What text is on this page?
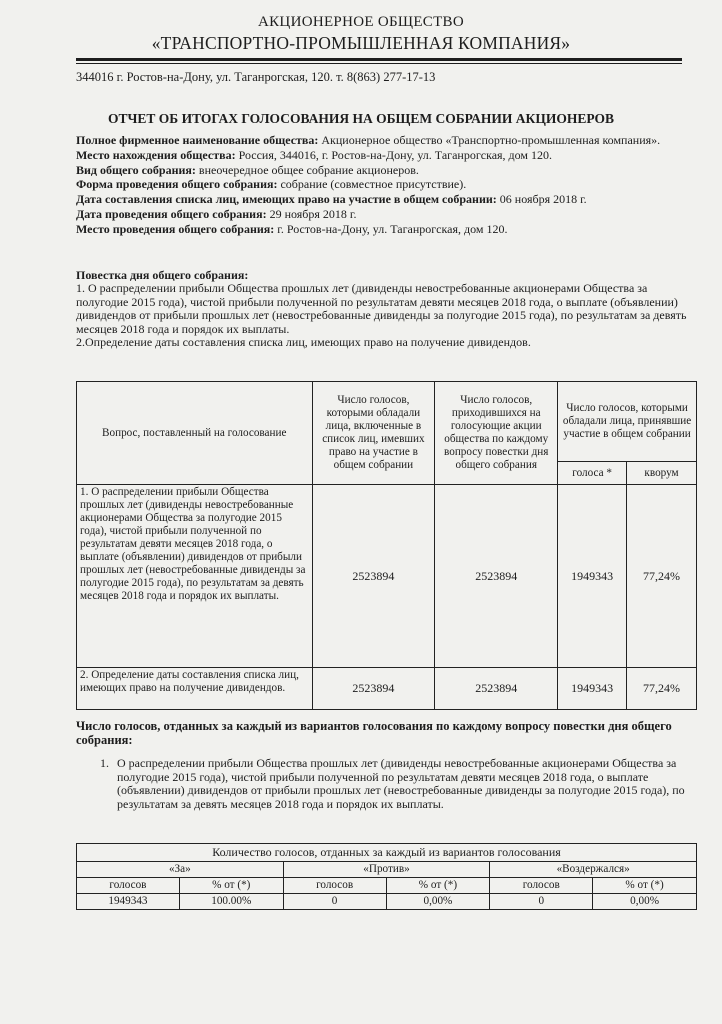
АКЦИОНЕРНОЕ ОБЩЕСТВО
«ТРАНСПОРТНО-ПРОМЫШЛЕННАЯ КОМПАНИЯ»
344016 г. Ростов-на-Дону, ул. Таганрогская, 120. т. 8(863) 277-17-13
ОТЧЕТ ОБ ИТОГАХ ГОЛОСОВАНИЯ НА ОБЩЕМ СОБРАНИИ АКЦИОНЕРОВ

Полное фирменное наименование общества: Акционерное общество «Транспортно-промышленная компания».

Место нахождения общества: Россия, 344016, г. Ростов-на-Дону, ул. Таганрогская, дом 120.

Вид общего собрания: внеочередное общее собрание акционеров.

Форма проведения общего собрания: собрание (совместное присутствие).

Дата составления списка лиц, имеющих право на участие в общем собрании: 06 ноября 2018 г.

Дата проведения общего собрания: 29 ноября 2018 г.

Место проведения общего собрания: г. Ростов-на-Дону, ул. Таганрогская, дом 120.

Повестка дня общего собрания:

1. О распределении прибыли Общества прошлых лет (дивиденды невостребованные акционерами Общества за полугодие 2015 года), чистой прибыли полученной по результатам девяти месяцев 2018 года, о выплате (объявлении) дивидендов от прибыли прошлых лет (невостребованные дивиденды за полугодие 2015 года), по результатам за девять месяцев 2018 года и порядок их выплаты.

2.Определение даты составления списка лиц, имеющих право на получение дивидендов.

Вопрос, поставленный на голосование	Число голосов, которыми обладали лица, включенные в список лиц, имевших право на участие в общем собрании	Число голосов, приходившихся на голосующие акции общества по каждому вопросу повестки дня общего собрания	Число голосов, которыми обладали лица, принявшие участие в общем собрании	
			голоса *	кворум
1. О распределении прибыли Общества прошлых лет (дивиденды невостребованные акционерами Общества за полугодие 2015 года), чистой прибыли полученной по результатам девяти месяцев 2018 года, о выплате (объявлении) дивидендов от прибыли прошлых лет (невостребованные дивиденды за полугодие 2015 года), по результатам за девять месяцев 2018 года и порядок их выплаты.	2523894	2523894	1949343	77,24%
2. Определение даты составления списка лиц, имеющих право на получение дивидендов.	2523894	2523894	1949343	77,24%
Число голосов, отданных за каждый из вариантов голосования по каждому вопросу повестки дня общего собрания:
1. О распределении прибыли Общества прошлых лет (дивиденды невостребованные акционерами Общества за полугодие 2015 года), чистой прибыли полученной по результатам девяти месяцев 2018 года, о выплате (объявлении) дивидендов от прибыли прошлых лет (невостребованные дивиденды за полугодие 2015 года), по результатам за девять месяцев 2018 года и порядок их выплаты.
Количество голосов, отданных за каждый из вариантов голосования					
«За»		«Против»		«Воздержался»	
голосов	% от (*)	голосов	% от (*)	голосов	% от (*)
1949343	100.00%	0	0,00%	0	0,00%
